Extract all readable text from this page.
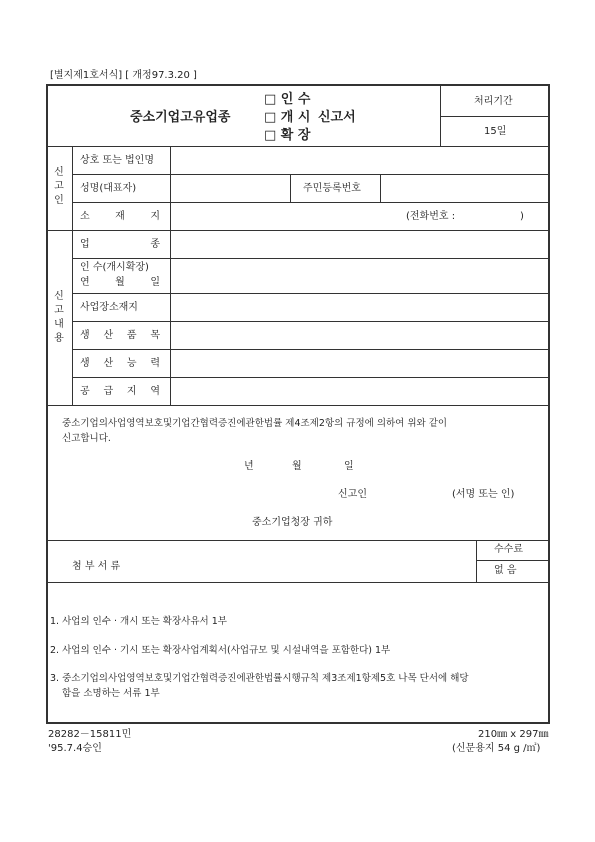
[별지제1호서식] [ 개정97.3.20 ]
□ 인 수
중소기업고유업종	□ 개 시 신고서
□ 확 장
처리기간
15일
신고인
상호 또는 법인명
성명(대표자)	주민등록번호
소	재	지	(전화번호 :	)
신고내용
업	종
인 수(개시확장)
연	월	일
사업장소재지
생 산 품 목
생 산 능 력
공 급 지 역
중소기업의사업영역보호및기업간협력증진에관한법률 제4조제2항의 규정에 의하여 위와 같이
신고합니다.
년	월	일
신고인	(서명 또는 인)
중소기업청장 귀하
첨 부 서 류
수수료
없 음
1. 사업의 인수 · 개시 또는 확장사유서 1부
2. 사업의 인수 · 기시 또는 확장사업계획서(사업규모 및 시설내역을 포함한다) 1부
3. 중소기업의사업영역보호및기업간협력증진에관한법률시행규칙 제3조제1항제5호 나목 단서에 해당
함을 소명하는 서류 1부
28282－15811민
'95.7.4승인
210㎜ x 297㎜
(신문용지 54 g /㎡)
